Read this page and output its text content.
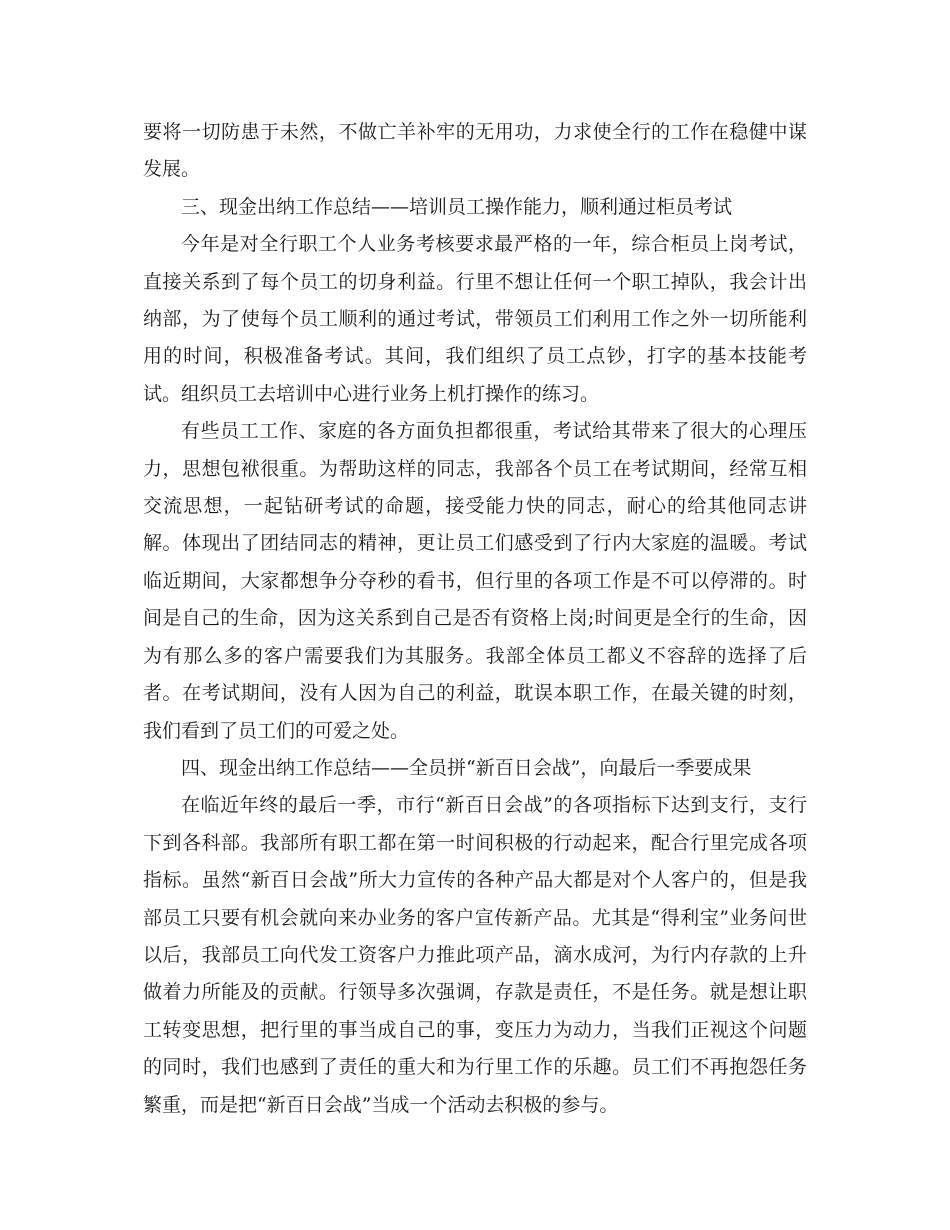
要将一切防患于未然，不做亡羊补牢的无用功，力求使全行的工作在稳健中谋发展。

三、现金出纳工作总结——培训员工操作能力，顺利通过柜员考试

今年是对全行职工个人业务考核要求最严格的一年，综合柜员上岗考试，直接关系到了每个员工的切身利益。行里不想让任何一个职工掉队，我会计出纳部，为了使每个员工顺利的通过考试，带领员工们利用工作之外一切所能利用的时间，积极准备考试。其间，我们组织了员工点钞，打字的基本技能考试。组织员工去培训中心进行业务上机打操作的练习。

有些员工工作、家庭的各方面负担都很重，考试给其带来了很大的心理压力，思想包袱很重。为帮助这样的同志，我部各个员工在考试期间，经常互相交流思想，一起钻研考试的命题，接受能力快的同志，耐心的给其他同志讲解。体现出了团结同志的精神，更让员工们感受到了行内大家庭的温暖。考试临近期间，大家都想争分夺秒的看书，但行里的各项工作是不可以停滞的。时间是自己的生命，因为这关系到自己是否有资格上岗;时间更是全行的生命，因为有那么多的客户需要我们为其服务。我部全体员工都义不容辞的选择了后者。在考试期间，没有人因为自己的利益，耽误本职工作，在最关键的时刻，我们看到了员工们的可爱之处。

四、现金出纳工作总结——全员拼“新百日会战”，向最后一季要成果

在临近年终的最后一季，市行“新百日会战”的各项指标下达到支行，支行下到各科部。我部所有职工都在第一时间积极的行动起来，配合行里完成各项指标。虽然“新百日会战”所大力宣传的各种产品大都是对个人客户的，但是我部员工只要有机会就向来办业务的客户宣传新产品。尤其是“得利宝”业务问世以后，我部员工向代发工资客户力推此项产品，滴水成河，为行内存款的上升做着力所能及的贡献。行领导多次强调，存款是责任，不是任务。就是想让职工转变思想，把行里的事当成自己的事，变压力为动力，当我们正视这个问题的同时，我们也感到了责任的重大和为行里工作的乐趣。员工们不再抱怨任务繁重，而是把“新百日会战”当成一个活动去积极的参与。
